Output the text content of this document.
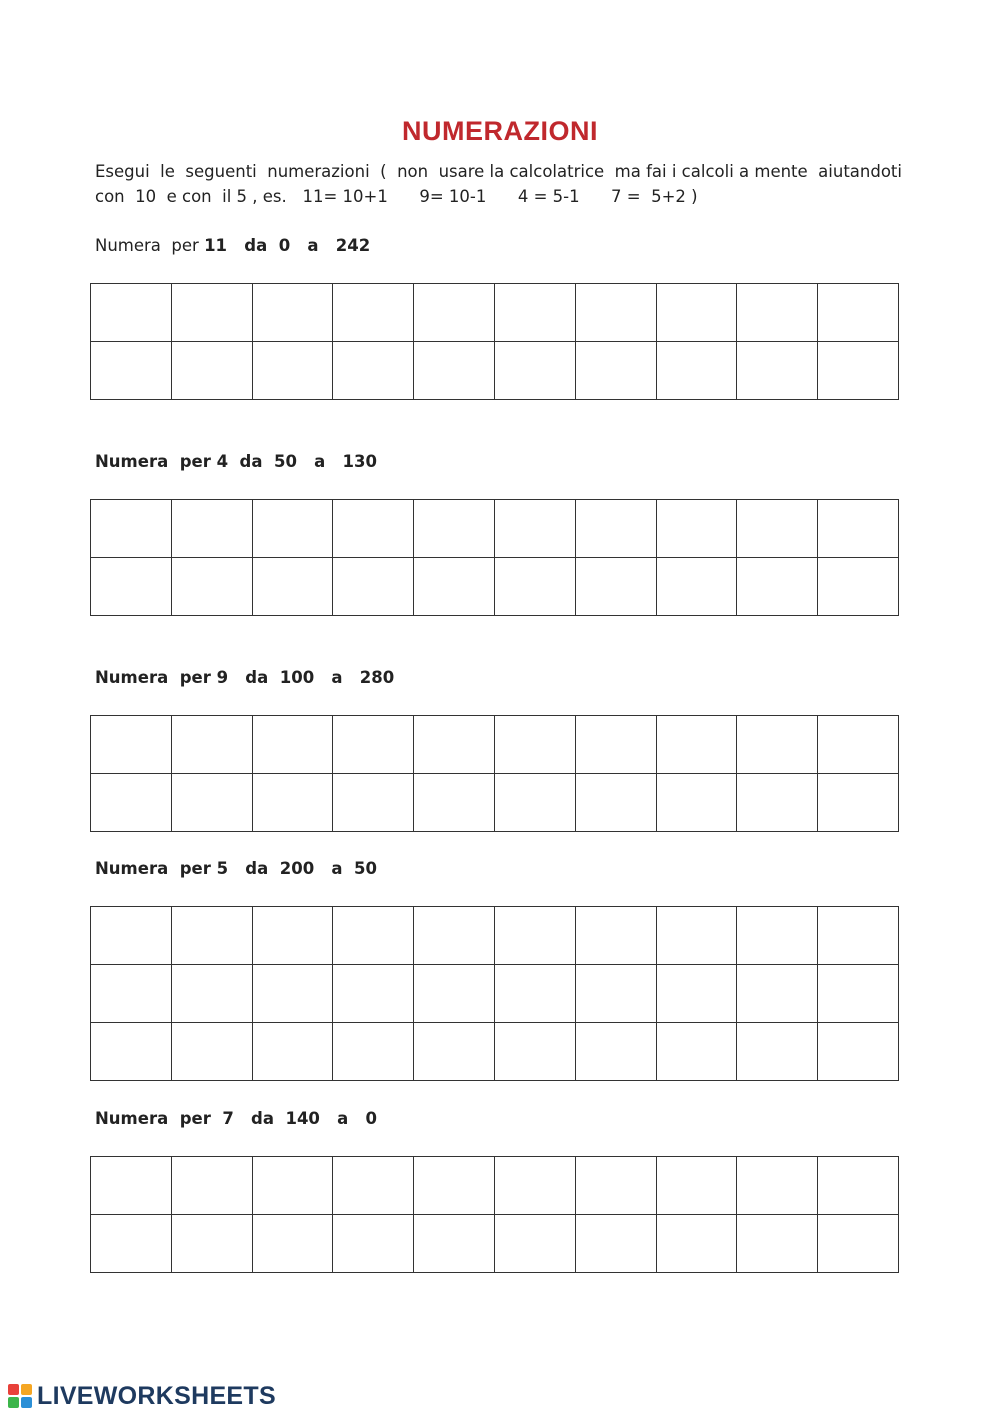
NUMERAZIONI
Esegui  le  seguenti  numerazioni  (  non  usare la calcolatrice  ma fai i calcoli a mente  aiutandoti
con  10  e con  il 5 , es.   11= 10+1      9= 10-1      4 = 5-1      7 =  5+2 )
Numera  per 11   da  0   a   242

Numera  per 4  da  50   a   130

Numera  per 9   da  100   a   280

Numera  per 5   da  200   a  50

Numera  per  7   da  140   a   0

LIVEWORKSHEETS
